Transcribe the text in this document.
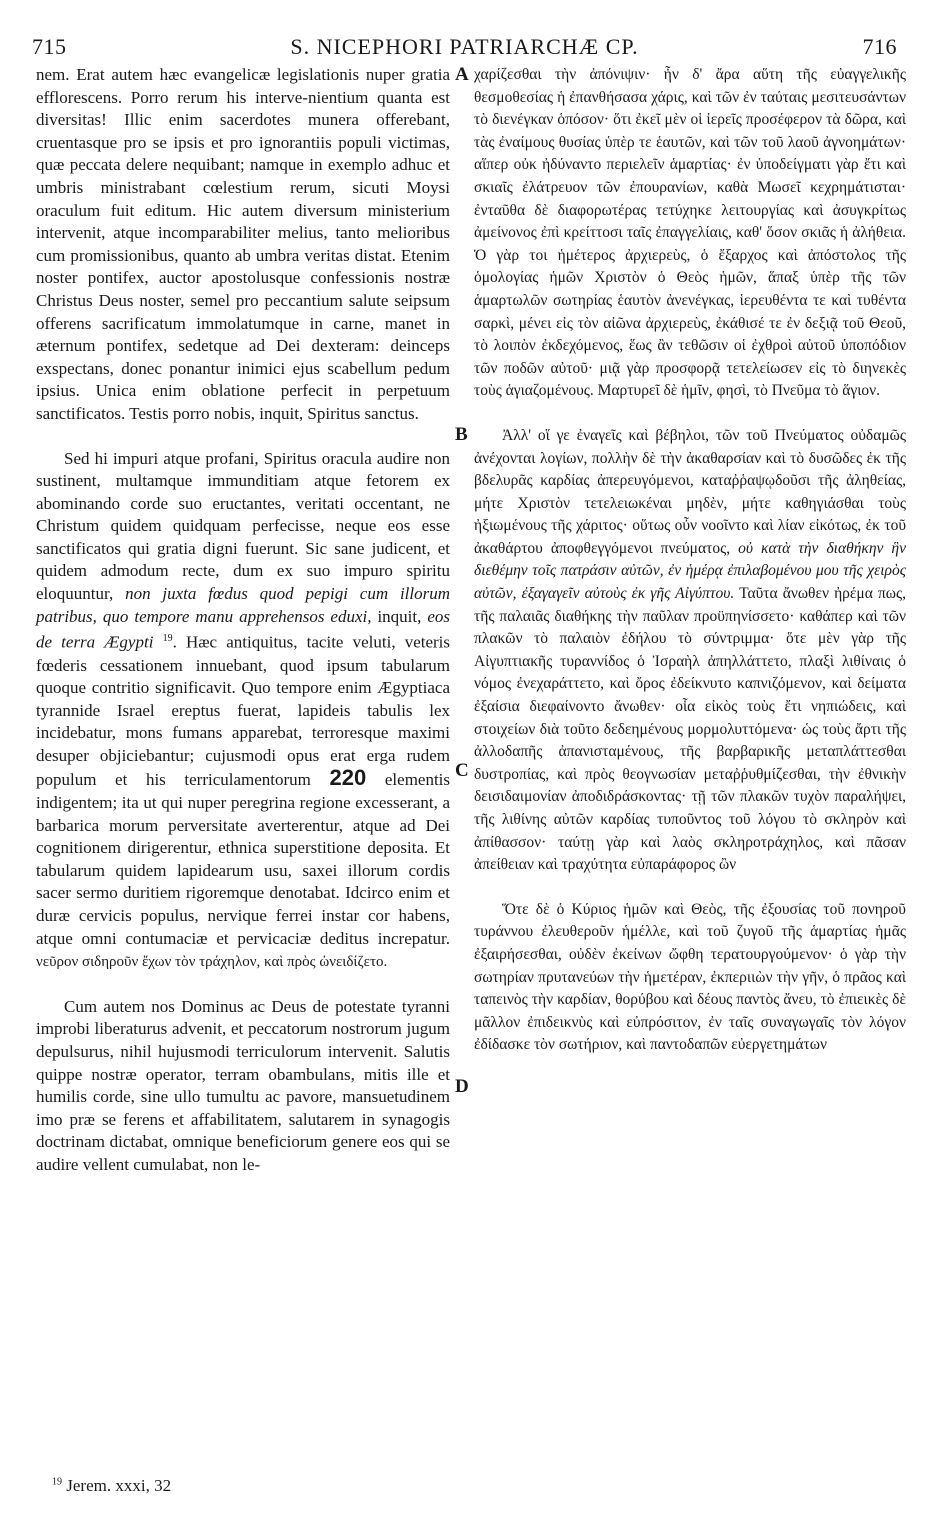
715	S. NICEPHORI PATRIARCHÆ CP.	716
A
B
C
D

nem. Erat autem hæc evangelicæ legislationis nuper gratia efflorescens. Porro rerum his interve-nientium quanta est diversitas! Illic enim sacerdotes munera offerebant, cruentasque pro se ipsis et pro ignorantiis populi victimas, quæ peccata delere nequibant; namque in exemplo adhuc et umbris ministrabant cœlestium rerum, sicuti Moysi oraculum fuit editum. Hic autem diversum ministerium intervenit, atque incomparabiliter melius, tanto melioribus cum promissionibus, quanto ab umbra veritas distat. Etenim noster pontifex, auctor apostolusque confessionis nostræ Christus Deus noster, semel pro peccantium salute seipsum offerens sacrificatum immolatumque in carne, manet in æternum pontifex, sedetque ad Dei dexteram: deinceps exspectans, donec ponantur inimici ejus scabellum pedum ipsius. Unica enim oblatione perfecit in perpetuum sanctificatos. Testis porro nobis, inquit, Spiritus sanctus.

Sed hi impuri atque profani, Spiritus oracula audire non sustinent, multamque immunditiam atque fetorem ex abominando corde suo eructantes, veritati occentant, ne Christum quidem quidquam perfecisse, neque eos esse sanctificatos qui gratia digni fuerunt. Sic sane judicent, et quidem admodum recte, dum ex suo impuro spiritu eloquuntur, non juxta fœdus quod pepigi cum illorum patribus, quo tempore manu apprehensos eduxi, inquit, eos de terra Ægypti $^{19}$. Hæc antiquitus, tacite veluti, veteris fœderis cessationem innuebant, quod ipsum tabularum quoque contritio significavit. Quo tempore enim Ægyptiaca tyrannide Israel ereptus fuerat, lapideis tabulis lex incidebatur, mons fumans apparebat, terroresque maximi desuper objiciebantur; cujusmodi opus erat erga rudem populum et his terriculamentorum 220 elementis indigentem; ita ut qui nuper peregrina regione excesserant, a barbarica morum perversitate averterentur, atque ad Dei cognitionem dirigerentur, ethnica superstitione deposita. Et tabularum quidem lapidearum usu, saxei illorum cordis sacer sermo duritiem rigoremque denotabat. Idcirco enim et duræ cervicis populus, nervique ferrei instar cor habens, atque omni contumaciæ et pervicaciæ deditus increpatur. νεῦρον σιδηροῦν ἔχων τὸν τράχηλον, καὶ πρὸς ὠνειδίζετο.

Cum autem nos Dominus ac Deus de potestate tyranni improbi liberaturus advenit, et peccatorum nostrorum jugum depulsurus, nihil hujusmodi terriculorum intervenit. Salutis quippe nostræ operator, terram obambulans, mitis ille et humilis corde, sine ullo tumultu ac pavore, mansuetudinem imo præ se ferens et affabilitatem, salutarem in synagogis doctrinam dictabat, omnique beneficiorum genere eos qui se audire vellent cumulabat, non le-

χαρίζεσθαι τὴν ἀπόνιψιν· ἦν δ' ἄρα αὕτη τῆς εὐαγγελικῆς θεσμοθεσίας ἡ ἐπανθήσασα χάρις, καὶ τῶν ἐν ταύταις μεσιτευσάντων τὸ διενέγκαν ὁπόσον· ὅτι ἐκεῖ μὲν οἱ ἱερεῖς προσέφερον τὰ δῶρα, καὶ τὰς ἐναίμους θυσίας ὑπὲρ τε ἑαυτῶν, καὶ τῶν τοῦ λαοῦ ἀγνοημάτων· αἵπερ οὐκ ἠδύναντο περιελεῖν ἁμαρτίας· ἐν ὑποδείγματι γὰρ ἔτι καὶ σκιαῖς ἐλάτρευον τῶν ἐπουρανίων, καθὰ Μωσεῖ κεχρημάτισται· ἐνταῦθα δὲ διαφορωτέρας τετύχηκε λειτουργίας καὶ ἀσυγκρίτως ἀμείνονος ἐπὶ κρείττοσι ταῖς ἐπαγγελίαις, καθ' ὅσον σκιᾶς ἡ ἀλήθεια. Ὁ γὰρ τοι ἡμέτερος ἀρχιερεὺς, ὁ ἔξαρχος καὶ ἀπόστολος τῆς ὁμολογίας ἡμῶν Χριστὸν ὁ Θεὸς ἡμῶν, ἅπαξ ὑπὲρ τῆς τῶν ἁμαρτωλῶν σωτηρίας ἑαυτὸν ἀνενέγκας, ἱερευθέντα τε καὶ τυθέντα σαρκὶ, μένει εἰς τὸν αἰῶνα ἀρχιερεὺς, ἐκάθισέ τε ἐν δεξιᾷ τοῦ Θεοῦ, τὸ λοιπὸν ἐκδεχόμενος, ἕως ἂν τεθῶσιν οἱ ἐχθροὶ αὐτοῦ ὑποπόδιον τῶν ποδῶν αὐτοῦ· μιᾷ γὰρ προσφορᾷ τετελείωσεν εἰς τὸ διηνεκὲς τοὺς ἁγιαζομένους. Μαρτυρεῖ δὲ ἡμῖν, φησὶ, τὸ Πνεῦμα τὸ ἅγιον.

Ἀλλ' οἵ γε ἐναγεῖς καὶ βέβηλοι, τῶν τοῦ Πνεύματος οὐδαμῶς ἀνέχονται λογίων, πολλὴν δὲ τὴν ἀκαθαρσίαν καὶ τὸ δυσῶδες ἐκ τῆς βδελυρᾶς καρδίας ἀπερευγόμενοι, καταῤῥαψῳδοῦσι τῆς ἀληθείας, μήτε Χριστὸν τετελειωκέναι μηδὲν, μήτε καθηγιάσθαι τοὺς ἠξιωμένους τῆς χάριτος· οὕτως οὖν νοοῖντο καὶ λίαν εἰκότως, ἐκ τοῦ ἀκαθάρτου ἀποφθεγγόμενοι πνεύματος, οὐ κατὰ τὴν διαθήκην ἣν διεθέμην τοῖς πατράσιν αὐτῶν, ἐν ἡμέρᾳ ἐπιλαβομένου μου τῆς χειρὸς αὐτῶν, ἐξαγαγεῖν αὐτοὺς ἐκ γῆς Αἰγύπτου. Ταῦτα ἄνωθεν ἠρέμα πως, τῆς παλαιᾶς διαθήκης τὴν παῦλαν προϋπηνίσσετο· καθάπερ καὶ τῶν πλακῶν τὸ παλαιὸν ἐδήλου τὸ σύντριμμα· ὅτε μὲν γὰρ τῆς Αἰγυπτιακῆς τυραννίδος ὁ Ἰσραὴλ ἀπηλλάττετο, πλαξὶ λιθίναις ὁ νόμος ἐνεχαράττετο, καὶ ὄρος ἐδείκνυτο καπνιζόμενον, καὶ δείματα ἐξαίσια διεφαίνοντο ἄνωθεν· οἷα εἰκὸς τοὺς ἔτι νηπιώδεις, καὶ στοιχείων διὰ τοῦτο δεδεημένους μορμολυττόμενα· ὡς τοὺς ἄρτι τῆς ἀλλοδαπῆς ἀπανισταμένους, τῆς βαρβαρικῆς μεταπλάττεσθαι δυστροπίας, καὶ πρὸς θεογνωσίαν μεταῤῥυθμίζεσθαι, τὴν ἐθνικὴν δεισιδαιμονίαν ἀποδιδράσκοντας· τῇ τῶν πλακῶν τυχὸν παραλήψει, τῆς λιθίνης αὐτῶν καρδίας τυποῦντος τοῦ λόγου τὸ σκληρὸν καὶ ἀπίθασσον· ταύτῃ γὰρ καὶ λαὸς σκληροτράχηλος, καὶ πᾶσαν ἀπείθειαν καὶ τραχύτητα εὐπαράφορος ὢν

Ὅτε δὲ ὁ Κύριος ἡμῶν καὶ Θεὸς, τῆς ἐξουσίας τοῦ πονηροῦ τυράννου ἐλευθεροῦν ἡμέλλε, καὶ τοῦ ζυγοῦ τῆς ἁμαρτίας ἡμᾶς ἐξαιρήσεσθαι, οὐδὲν ἐκείνων ὤφθη τερατουργούμενον· ὁ γὰρ τὴν σωτηρίαν πρυτανεύων τὴν ἡμετέραν, ἐκπεριιὼν τὴν γῆν, ὁ πρᾶος καὶ ταπεινὸς τὴν καρδίαν, θορύβου καὶ δέους παντὸς ἄνευ, τὸ ἐπιεικὲς δὲ μᾶλλον ἐπιδεικνὺς καὶ εὐπρόσιτον, ἐν ταῖς συναγωγαῖς τὸν λόγον ἐδίδασκε τὸν σωτήριον, καὶ παντοδαπῶν εὐεργετημάτων

$^{19}$ Jerem. xxxi, 32
